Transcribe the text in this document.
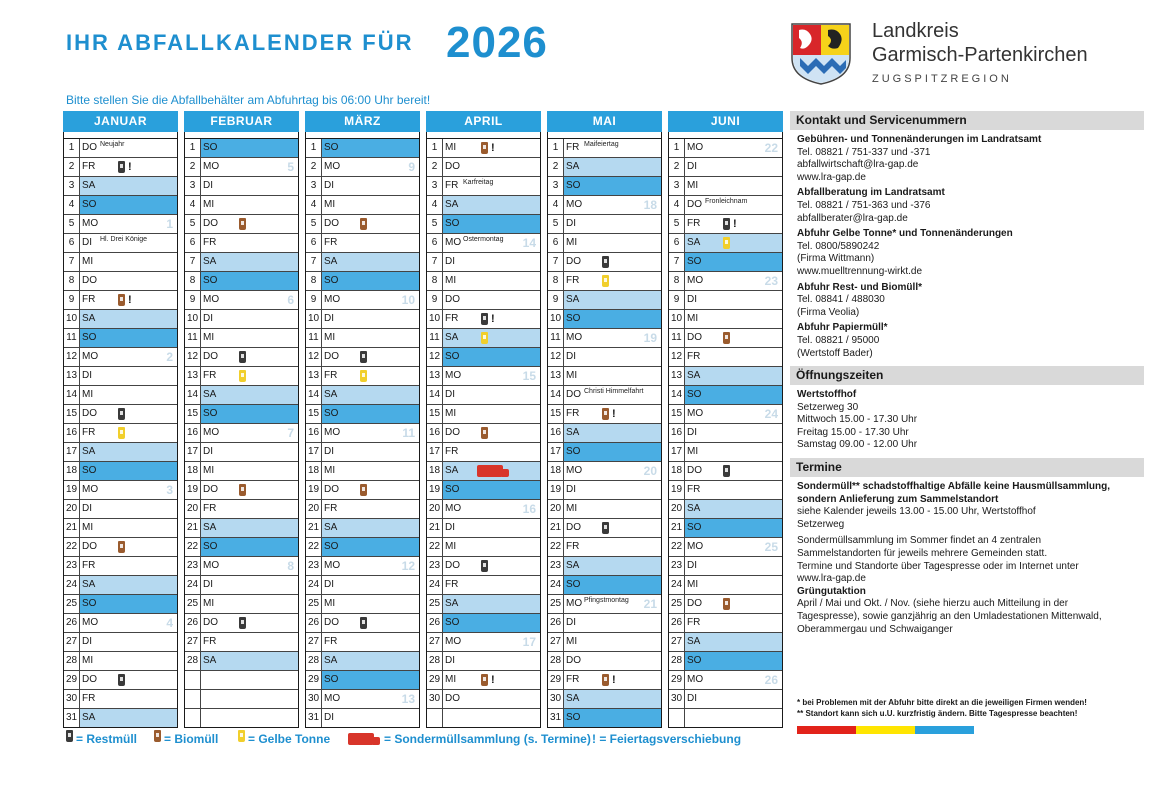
IHR ABFALLKALENDER FÜR 2026
Bitte stellen Sie die Abfallbehälter am Abfuhrtag bis 06:00 Uhr bereit!
Landkreis
Garmisch-Partenkirchen
ZUGSPITZREGION
JANUAR
1 DO Neujahr
2 FR	!
3 SA
4 SO
5 MO	1
6 DI Hl. Drei Könige
7 MI
8 DO
9 FR	!
10 SA
11 SO
12 MO	2
13 DI
14 MI
15 DO
16 FR
17 SA
18 SO
19 MO	3
20 DI
21 MI
22 DO
23 FR
24 SA
25 SO
26 MO	4
27 DI
28 MI
29 DO
30 FR
31 SA
FEBRUAR
1 SO
2 MO	5
3 DI
4 MI
5 DO
6 FR
7 SA
8 SO
9 MO	6
10 DI
11 MI
12 DO
13 FR
14 SA
15 SO
16 MO	7
17 DI
18 MI
19 DO
20 FR
21 SA
22 SO
23 MO	8
24 DI
25 MI
26 DO
27 FR
28 SA
MÄRZ
1 SO
2 MO	9
3 DI
4 MI
5 DO
6 FR
7 SA
8 SO
9 MO	10
10 DI
11 MI
12 DO
13 FR
14 SA
15 SO
16 MO	11
17 DI
18 MI
19 DO
20 FR
21 SA
22 SO
23 MO	12
24 DI
25 MI
26 DO
27 FR
28 SA
29 SO
30 MO	13
31 DI
APRIL
1 MI	!
2 DO
3 FR Karfreitag
4 SA
5 SO
6 MO Ostermontag 14
7 DI
8 MI
9 DO
10 FR	!
11 SA
12 SO
13 MO	15
14 DI
15 MI
16 DO
17 FR
18 SA
19 SO
20 MO	16
21 DI
22 MI
23 DO
24 FR
25 SA
26 SO
27 MO	17
28 DI
29 MI	!
30 DO
MAI
1 FR Maifeiertag
2 SA
3 SO
4 MO	18
5 DI
6 MI
7 DO
8 FR
9 SA
10 SO
11 MO	19
12 DI
13 MI
14 DO Christi Himmelfahrt
15 FR	!
16 SA
17 SO
18 MO	20
19 DI
20 MI
21 DO
22 FR
23 SA
24 SO
25 MO Pfingstmontag 21
26 DI
27 MI
28 DO
29 FR	!
30 SA
31 SO
JUNI
1 MO	22
2 DI
3 MI
4 DO Fronleichnam
5 FR	!
6 SA
7 SO
8 MO	23
9 DI
10 MI
11 DO
12 FR
13 SA
14 SO
15 MO	24
16 DI
17 MI
18 DO
19 FR
20 SA
21 SO
22 MO	25
23 DI
24 MI
25 DO
26 FR
27 SA
28 SO
29 MO	26
30 DI
Kontakt und Servicenummern
Gebühren- und Tonnenänderungen im Landratsamt
Tel. 08821 / 751-337 und -371
abfallwirtschaft@lra-gap.de
www.lra-gap.de
Abfallberatung im Landratsamt
Tel. 08821 / 751-363 und -376
abfallberater@lra-gap.de
Abfuhr Gelbe Tonne* und Tonnenänderungen
Tel. 0800/5890242
(Firma Wittmann)
www.muelltrennung-wirkt.de
Abfuhr Rest- und Biomüll*
Tel. 08841 / 488030
(Firma Veolia)
Abfuhr Papiermüll*
Tel. 08821 / 95000
(Wertstoff Bader)
Öffnungszeiten
Wertstoffhof
Setzerweg 30
Mittwoch 15.00 - 17.30 Uhr
Freitag 15.00 - 17.30 Uhr
Samstag 09.00 - 12.00 Uhr
Termine
Sondermüll** schadstoffhaltige Abfälle keine Hausmüllsammlung,
sondern Anlieferung zum Sammelstandort
siehe Kalender jeweils 13.00 - 15.00 Uhr, Wertstoffhof
Setzerweg
Sondermüllsammlung im Sommer findet an 4 zentralen
Sammelstandorten für jeweils mehrere Gemeinden statt.
Termine und Standorte über Tagespresse oder im Internet unter
www.lra-gap.de
Grüngutaktion
April / Mai und Okt. / Nov. (siehe hierzu auch Mitteilung in der
Tagespresse), sowie ganzjährig an den Umladestationen Mittenwald,
Oberammergau und Schwaiganger
* bei Problemen mit der Abfuhr bitte direkt an die jeweiligen Firmen wenden!
** Standort kann sich u.U. kurzfristig ändern. Bitte Tagespresse beachten!
= Restmüll	= Biomüll	= Gelbe Tonne	= Sondermüllsammlung (s. Termine) ! = Feiertagsverschiebung
